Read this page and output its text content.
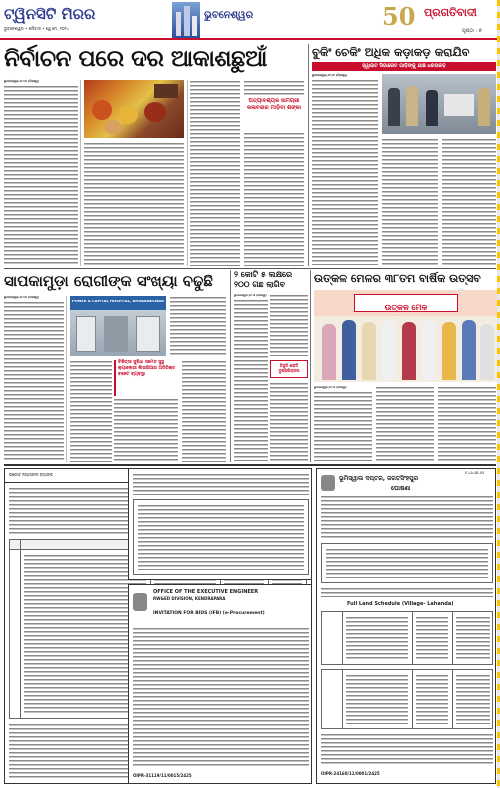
ଟ୍ୱିନସିଟି ମିରର
ଭୁବନେଶ୍ୱର • ଶନିବାର • ୱେ୍ ମେ, ୨୦୨୪
ଭୁବନେଶ୍ୱର	50 ପ୍ରଗତିବାଦୀ
ପୃଷ୍ଠା : ୭
ନିର୍ବାଚନ ପରେ ଦର ଆକାଶଛୁଆଁ
ଭୁବନେଶ୍ୱର,୧୦।୫ (ନିଜସ୍ୱ)
ଅତ୍ୟାବଶ୍ୟକ ସାମଗ୍ରୀ କଳାବଜାର ମାଡ଼ିବା ଶଙ୍କା
ବୁକିଂ ଚେକିଂ ଅଧିକ କଡ଼ାକଡ଼ କରାଯିବ
ହ୍ୱାଇଟ ସିଗାରେଟ ଗାଡ଼ିଙ୍କୁ ଯାଞ୍ଚ ଧରପକଡ଼
ଭୁବନେଶ୍ୱର,୧୦।୫ (ନିଜସ୍ୱ)
ସାପକାମୁଡ଼ା ରୋଗୀଙ୍କ ସଂଖ୍ୟା ବଢୁଛି
ଭୁବନେଶ୍ୱର,୧୦।୫ (ନିଜସ୍ୱ)
POMER & CAPITAL HOSPITAL, BHUBANESWAR
ଚିକିତ୍ସା ସୁବିଧା ସମେତ ସୁସ୍ଥ କ୍ୟାଲୋରୀ ଲିଭରିଆର ଅତିରିକ୍ତ ବଜେଟ ବ୍ୟବସ୍ଥା
୨ କୋଟି ୫ ଲକ୍ଷରେ
୨୦୦ ଗଛ ଲାଗିବ
ଭୁବନେଶ୍ୱର,୧୦।୫ (ନିଜସ୍ୱ)
ବିଜୁଳି ଶକ୍ତି ଦୁଷ୍ପରିଚାଳନା
ଉତ୍କଳ ମେଳର ୩୮ତମ ବାର୍ଷିକ ଉତ୍ସବ
ଉତ୍କଳ ମେଳ
ଭୁବନେଶ୍ୱର,୧୦।୫ (ନିଜସ୍ୱ)
ପଞ୍ଜାବ ନ୍ୟାସନାଲ ବ୍ୟାଙ୍କ
OFFICE OF THE EXECUTIVE ENGINEER
RW&ED DIVISION, KENDRAPARA
INVITATION FOR BIDS (IFB) (e-Procurement)
OIPR-31119/11/0015/2425
E-LA-48-05
ଭୂମିସ୍ୱାଲ ଦପ୍ତର, ଜଗତସିଂହପୁର
ଘୋଷଣା
Full Land Schedule (Village- Lahanda)
OIPR-24160/11/0001/2425
